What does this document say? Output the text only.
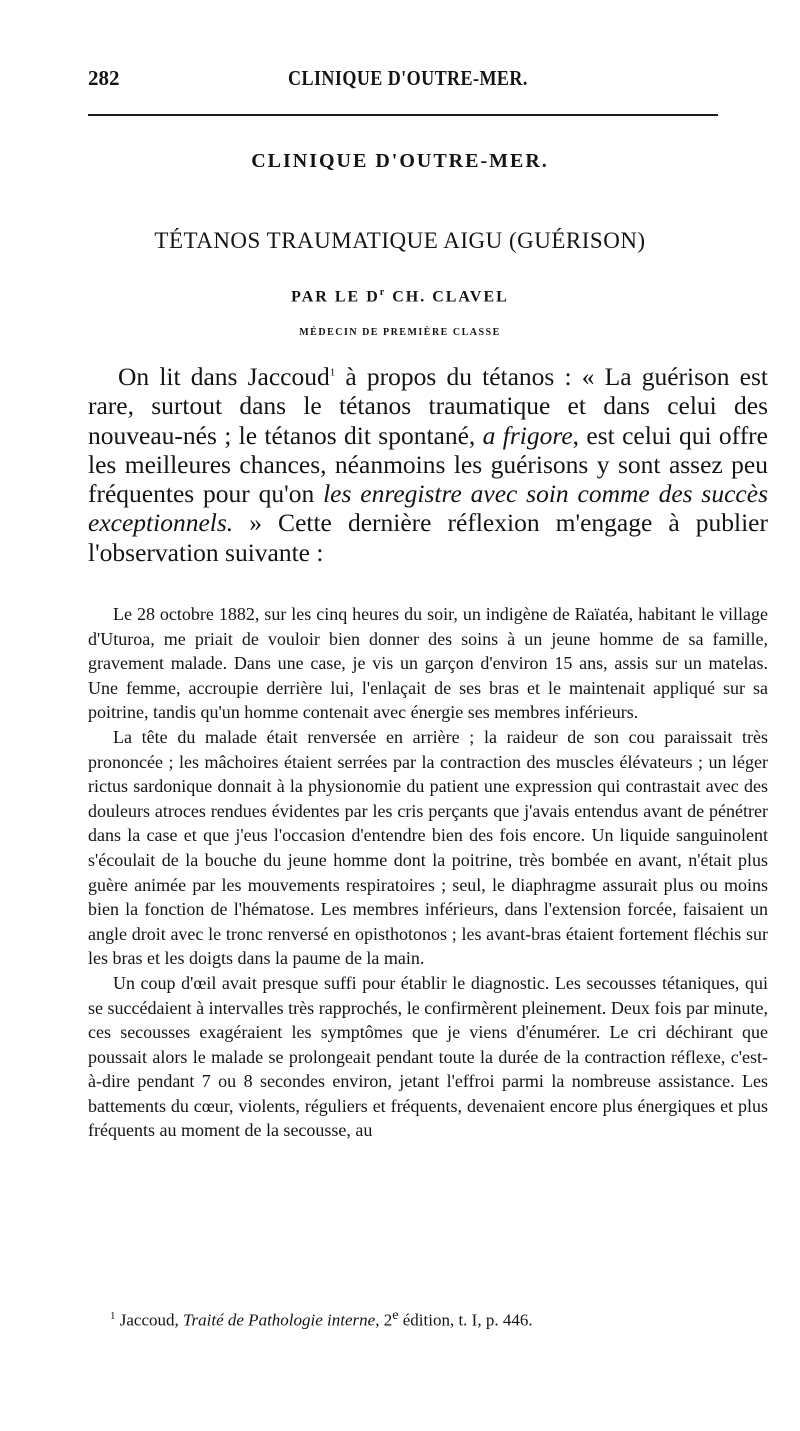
282	CLINIQUE D'OUTRE-MER.
CLINIQUE D'OUTRE-MER.
TÉTANOS TRAUMATIQUE AIGU (GUÉRISON)
PAR LE $D^r$ CH. CLAVEL
MÉDECIN DE PREMIÈRE CLASSE

On lit dans Jaccoud$^1$ à propos du tétanos : « La guérison est rare, surtout dans le tétanos traumatique et dans celui des nouveau-nés ; le tétanos dit spontané, a frigore, est celui qui offre les meilleures chances, néanmoins les guérisons y sont assez peu fréquentes pour qu'on les enregistre avec soin comme des succès exceptionnels. » Cette dernière réflexion m'engage à publier l'observation suivante :

Le 28 octobre 1882, sur les cinq heures du soir, un indigène de Raïatéa, habitant le village d'Uturoa, me priait de vouloir bien donner des soins à un jeune homme de sa famille, gravement malade. Dans une case, je vis un garçon d'environ 15 ans, assis sur un matelas. Une femme, accroupie derrière lui, l'enlaçait de ses bras et le maintenait appliqué sur sa poitrine, tandis qu'un homme contenait avec énergie ses membres inférieurs.

La tête du malade était renversée en arrière ; la raideur de son cou paraissait très prononcée ; les mâchoires étaient serrées par la contraction des muscles élévateurs ; un léger rictus sardonique donnait à la physionomie du patient une expression qui contrastait avec des douleurs atroces rendues évidentes par les cris perçants que j'avais entendus avant de pénétrer dans la case et que j'eus l'occasion d'entendre bien des fois encore. Un liquide sanguinolent s'écoulait de la bouche du jeune homme dont la poitrine, très bombée en avant, n'était plus guère animée par les mouvements respiratoires ; seul, le diaphragme assurait plus ou moins bien la fonction de l'hématose. Les membres inférieurs, dans l'extension forcée, faisaient un angle droit avec le tronc renversé en opisthotonos ; les avant-bras étaient fortement fléchis sur les bras et les doigts dans la paume de la main.

Un coup d'œil avait presque suffi pour établir le diagnostic. Les secousses tétaniques, qui se succédaient à intervalles très rapprochés, le confirmèrent pleinement. Deux fois par minute, ces secousses exagéraient les symptômes que je viens d'énumérer. Le cri déchirant que poussait alors le malade se prolongeait pendant toute la durée de la contraction réflexe, c'est-à-dire pendant 7 ou 8 secondes environ, jetant l'effroi parmi la nombreuse assistance. Les battements du cœur, violents, réguliers et fréquents, devenaient encore plus énergiques et plus fréquents au moment de la secousse, au

$^1$ Jaccoud, Traité de Pathologie interne, 2e édition, t. I, p. 446.
